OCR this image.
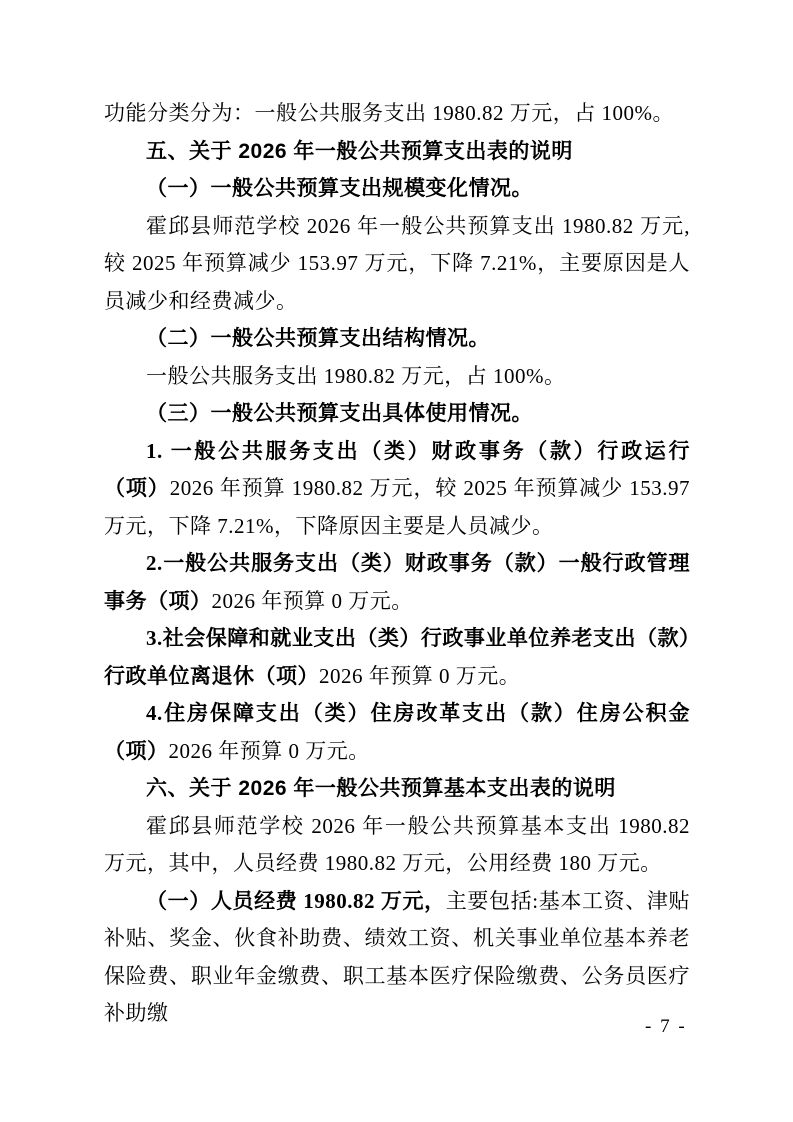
功能分类分为：一般公共服务支出 1980.82 万元，占 100%。

五、关于 2026 年一般公共预算支出表的说明

（一）一般公共预算支出规模变化情况。

霍邱县师范学校 2026 年一般公共预算支出 1980.82 万元,较 2025 年预算减少 153.97 万元，下降 7.21%，主要原因是人员减少和经费减少。

（二）一般公共预算支出结构情况。

一般公共服务支出 1980.82 万元，占 100%。

（三）一般公共预算支出具体使用情况。

1. 一般公共服务支出（类）财政事务（款）行政运行（项）2026 年预算 1980.82 万元，较 2025 年预算减少 153.97 万元，下降 7.21%，下降原因主要是人员减少。

2.一般公共服务支出（类）财政事务（款）一般行政管理事务（项）2026 年预算 0 万元。

3.社会保障和就业支出（类）行政事业单位养老支出（款）行政单位离退休（项）2026 年预算 0 万元。

4.住房保障支出（类）住房改革支出（款）住房公积金（项）2026 年预算 0 万元。

六、关于 2026 年一般公共预算基本支出表的说明

霍邱县师范学校 2026 年一般公共预算基本支出 1980.82 万元，其中，人员经费 1980.82 万元，公用经费 180 万元。

（一）人员经费 1980.82 万元，主要包括:基本工资、津贴补贴、奖金、伙食补助费、绩效工资、机关事业单位基本养老保险费、职业年金缴费、职工基本医疗保险缴费、公务员医疗补助缴

- 7 -
